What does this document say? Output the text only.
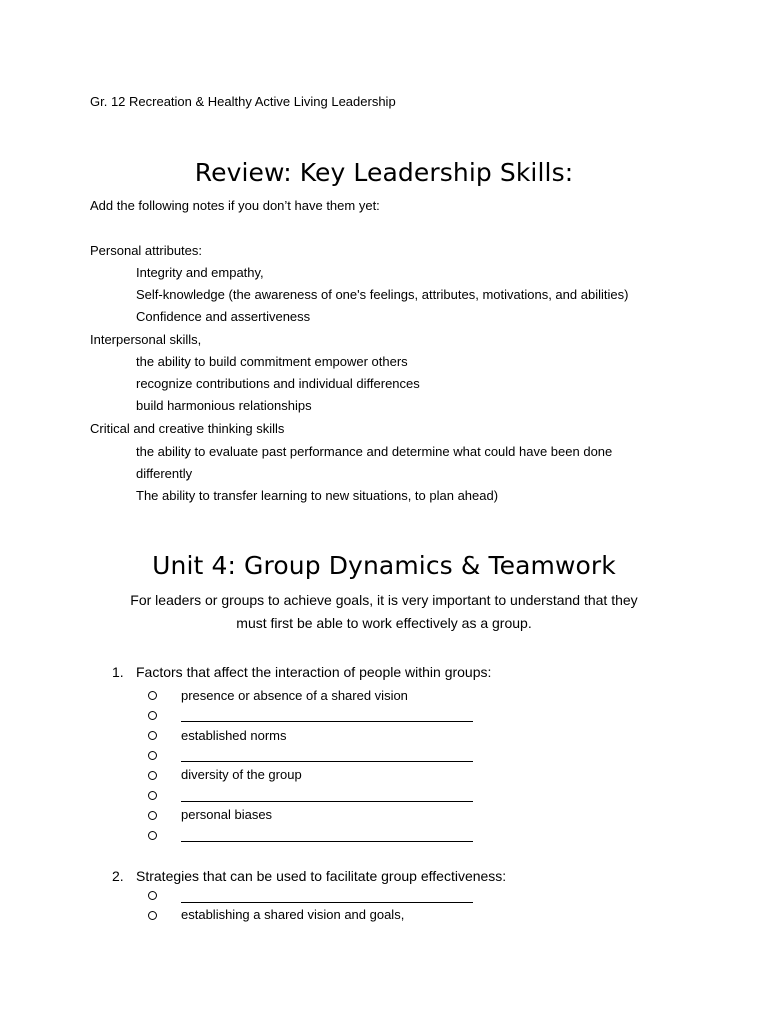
Gr. 12 Recreation & Healthy Active Living Leadership
Review: Key Leadership Skills:
Add the following notes if you don’t have them yet:
Personal attributes:
Integrity and empathy,
Self-knowledge (the awareness of one's feelings, attributes, motivations, and abilities)
Confidence and assertiveness
Interpersonal skills,
the ability to build commitment empower others
recognize contributions and individual differences
build harmonious relationships
Critical and creative thinking skills
the ability to evaluate past performance and determine what could have been done
differently
The ability to transfer learning to new situations, to plan ahead)
Unit 4: Group Dynamics & Teamwork
For leaders or groups to achieve goals, it is very important to understand that they
must first be able to work effectively as a group.
1. Factors that affect the interaction of people within groups:
presence or absence of a shared vision
established norms
diversity of the group
personal biases
2. Strategies that can be used to facilitate group effectiveness:
establishing a shared vision and goals,
